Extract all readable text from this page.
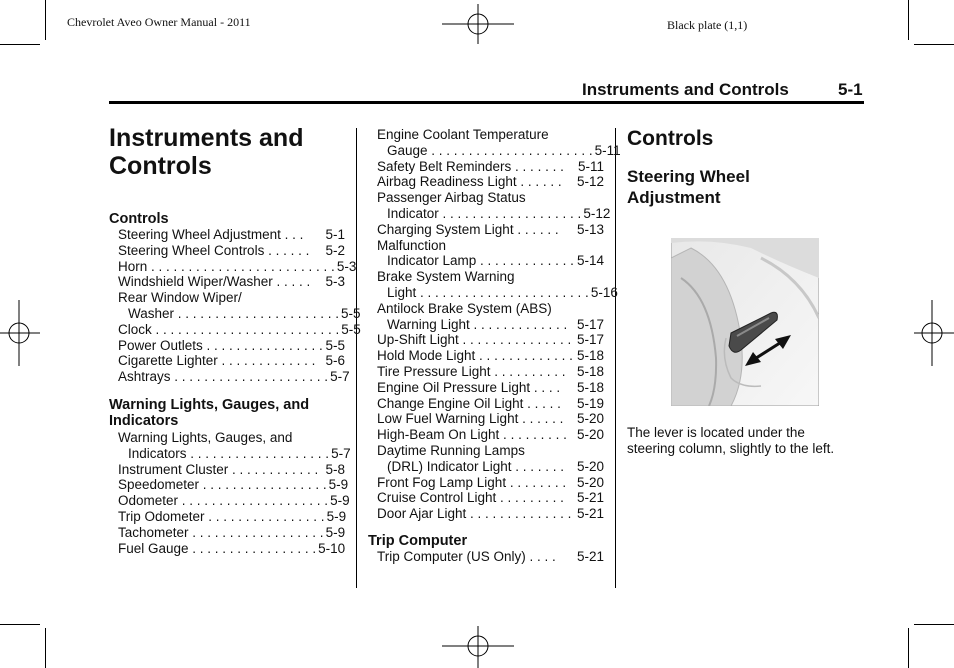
Chevrolet Aveo Owner Manual - 2011	Black plate (1,1)
Instruments and Controls	5-1
Instruments and
Controls
Controls
Steering Wheel Adjustment . . . 5-1
Steering Wheel Controls . . . . . . 5-2
Horn . . . . . . . . . . . . . . . . . . . . . . . . . 5-3
Windshield Wiper/Washer . . . . . 5-3
Rear Window Wiper/
Washer . . . . . . . . . . . . . . . . . . . . . . 5-5
Clock . . . . . . . . . . . . . . . . . . . . . . . . . 5-5
Power Outlets . . . . . . . . . . . . . . . . 5-5
Cigarette Lighter . . . . . . . . . . . . . 5-6
Ashtrays . . . . . . . . . . . . . . . . . . . . . 5-7
Warning Lights, Gauges, and
Indicators
Warning Lights, Gauges, and
Indicators . . . . . . . . . . . . . . . . . . . 5-7
Instrument Cluster . . . . . . . . . . . . 5-8
Speedometer . . . . . . . . . . . . . . . . . 5-9
Odometer . . . . . . . . . . . . . . . . . . . . 5-9
Trip Odometer . . . . . . . . . . . . . . . . 5-9
Tachometer . . . . . . . . . . . . . . . . . . 5-9
Fuel Gauge . . . . . . . . . . . . . . . . . 5-10
Engine Coolant Temperature
Gauge . . . . . . . . . . . . . . . . . . . . . . 5-11
Safety Belt Reminders . . . . . . . 5-11
Airbag Readiness Light . . . . . . 5-12
Passenger Airbag Status
Indicator . . . . . . . . . . . . . . . . . . . 5-12
Charging System Light . . . . . . 5-13
Malfunction
Indicator Lamp . . . . . . . . . . . . . 5-14
Brake System Warning
Light . . . . . . . . . . . . . . . . . . . . . . . 5-16
Antilock Brake System (ABS)
Warning Light . . . . . . . . . . . . . 5-17
Up-Shift Light . . . . . . . . . . . . . . . 5-17
Hold Mode Light . . . . . . . . . . . . . 5-18
Tire Pressure Light . . . . . . . . . . 5-18
Engine Oil Pressure Light . . . . 5-18
Change Engine Oil Light . . . . . 5-19
Low Fuel Warning Light . . . . . . 5-20
High-Beam On Light . . . . . . . . . 5-20
Daytime Running Lamps
(DRL) Indicator Light . . . . . . . 5-20
Front Fog Lamp Light . . . . . . . . 5-20
Cruise Control Light . . . . . . . . . 5-21
Door Ajar Light . . . . . . . . . . . . . . 5-21
Trip Computer
Trip Computer (US Only) . . . . 5-21
Controls
Steering Wheel
Adjustment
The lever is located under the
steering column, slightly to the left.
